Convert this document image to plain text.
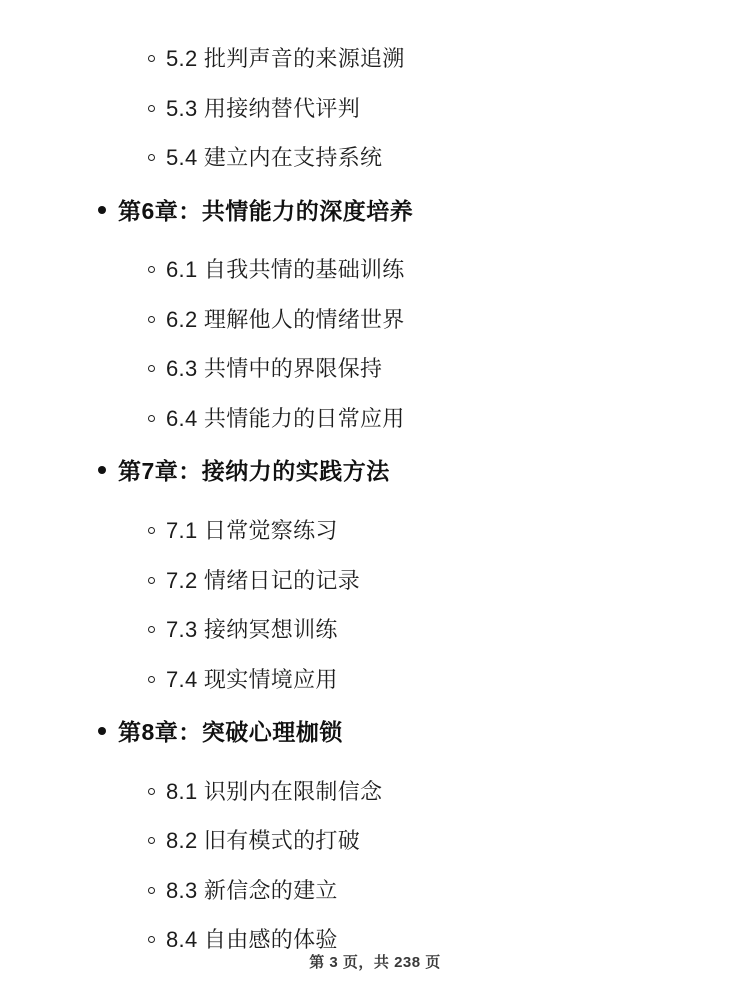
5.2 批判声音的来源追溯
5.3 用接纳替代评判
5.4 建立内在支持系统
第6章：共情能力的深度培养
6.1 自我共情的基础训练
6.2 理解他人的情绪世界
6.3 共情中的界限保持
6.4 共情能力的日常应用
第7章：接纳力的实践方法
7.1 日常觉察练习
7.2 情绪日记的记录
7.3 接纳冥想训练
7.4 现实情境应用
第8章：突破心理枷锁
8.1 识别内在限制信念
8.2 旧有模式的打破
8.3 新信念的建立
8.4 自由感的体验
第 3 页，共 238 页
